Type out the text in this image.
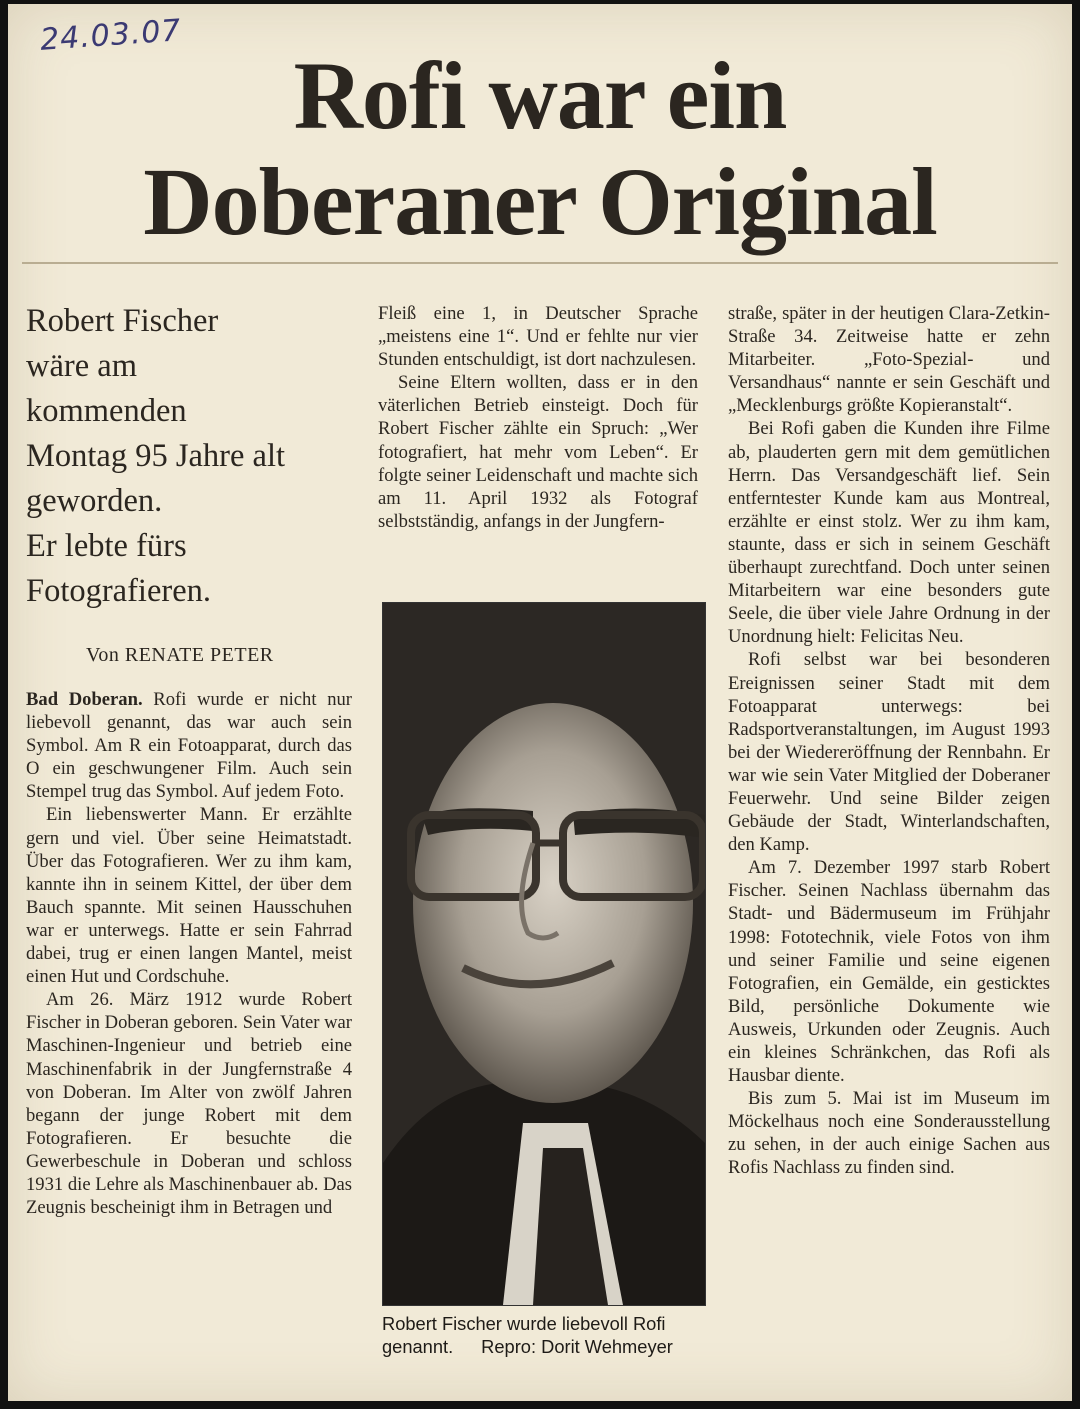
24.03.07
Rofi war ein
Doberaner Original
Robert Fischer
wäre am
kommenden
Montag 95 Jahre alt
geworden.
Er lebte fürs
Fotografieren.
Von RENATE PETER

Bad Doberan. Rofi wurde er nicht nur liebevoll genannt, das war auch sein Symbol. Am R ein Fotoapparat, durch das O ein geschwungener Film. Auch sein Stempel trug das Symbol. Auf jedem Foto.

Ein liebenswerter Mann. Er erzählte gern und viel. Über seine Heimatstadt. Über das Fotografieren. Wer zu ihm kam, kannte ihn in seinem Kittel, der über dem Bauch spannte. Mit seinen Hausschuhen war er unterwegs. Hatte er sein Fahrrad dabei, trug er einen langen Mantel, meist einen Hut und Cordschuhe.

Am 26. März 1912 wurde Robert Fischer in Doberan geboren. Sein Vater war Maschinen-Ingenieur und betrieb eine Maschinenfabrik in der Jungfernstraße 4 von Doberan. Im Alter von zwölf Jahren begann der junge Robert mit dem Fotografieren. Er besuchte die Gewerbeschule in Doberan und schloss 1931 die Lehre als Maschinenbauer ab. Das Zeugnis bescheinigt ihm in Betragen und

Fleiß eine 1, in Deutscher Sprache „meistens eine 1“. Und er fehlte nur vier Stunden entschuldigt, ist dort nachzulesen.

Seine Eltern wollten, dass er in den väterlichen Betrieb einsteigt. Doch für Robert Fischer zählte ein Spruch: „Wer fotografiert, hat mehr vom Leben“. Er folgte seiner Leidenschaft und machte sich am 11. April 1932 als Fotograf selbstständig, anfangs in der Jungfern-

Robert Fischer wurde liebevoll Rofi genannt. Repro: Dorit Wehmeyer

straße, später in der heutigen Clara-Zetkin-Straße 34. Zeitweise hatte er zehn Mitarbeiter. „Foto-Spezial- und Versandhaus“ nannte er sein Geschäft und „Mecklenburgs größte Kopieranstalt“.

Bei Rofi gaben die Kunden ihre Filme ab, plauderten gern mit dem gemütlichen Herrn. Das Versandgeschäft lief. Sein entferntester Kunde kam aus Montreal, erzählte er einst stolz. Wer zu ihm kam, staunte, dass er sich in seinem Geschäft überhaupt zurechtfand. Doch unter seinen Mitarbeitern war eine besonders gute Seele, die über viele Jahre Ordnung in der Unordnung hielt: Felicitas Neu.

Rofi selbst war bei besonderen Ereignissen seiner Stadt mit dem Fotoapparat unterwegs: bei Radsportveranstaltungen, im August 1993 bei der Wiedereröffnung der Rennbahn. Er war wie sein Vater Mitglied der Doberaner Feuerwehr. Und seine Bilder zeigen Gebäude der Stadt, Winterlandschaften, den Kamp.

Am 7. Dezember 1997 starb Robert Fischer. Seinen Nachlass übernahm das Stadt- und Bädermuseum im Frühjahr 1998: Fototechnik, viele Fotos von ihm und seiner Familie und seine eigenen Fotografien, ein Gemälde, ein gesticktes Bild, persönliche Dokumente wie Ausweis, Urkunden oder Zeugnis. Auch ein kleines Schränkchen, das Rofi als Hausbar diente.

Bis zum 5. Mai ist im Museum im Möckelhaus noch eine Sonderausstellung zu sehen, in der auch einige Sachen aus Rofis Nachlass zu finden sind.
